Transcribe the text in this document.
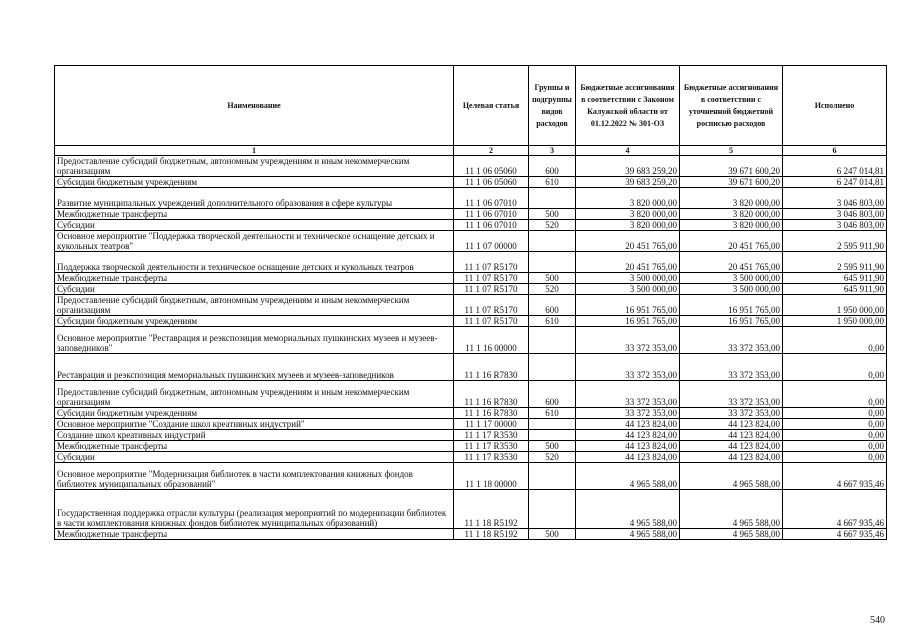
Наименование	Целевая статья	Группы и подгруппы видов расходов	Бюджетные ассигнования в соответствии с Законом Калужской области от 01.12.2022 № 301-ОЗ	Бюджетные ассигнования в соответствии с уточненной бюджетной росписью расходов	Исполнено
1	2	3	4	5	6
Предоставление субсидий бюджетным, автономным учреждениям и иным некоммерческим организациям	11 1 06 05060	600	39 683 259,20	39 671 600,20	6 247 014,81
Субсидии бюджетным учреждениям	11 1 06 05060	610	39 683 259,20	39 671 600,20	6 247 014,81
Развитие муниципальных учреждений дополнительного образования в сфере культуры	11 1 06 07010		3 820 000,00	3 820 000,00	3 046 803,00
Межбюджетные трансферты	11 1 06 07010	500	3 820 000,00	3 820 000,00	3 046 803,00
Субсидии	11 1 06 07010	520	3 820 000,00	3 820 000,00	3 046 803,00
Основное мероприятие "Поддержка творческой деятельности и техническое оснащение детских и кукольных театров"	11 1 07 00000		20 451 765,00	20 451 765,00	2 595 911,90
Поддержка творческой деятельности и техническое оснащение детских и кукольных театров	11 1 07 R5170		20 451 765,00	20 451 765,00	2 595 911,90
Межбюджетные трансферты	11 1 07 R5170	500	3 500 000,00	3 500 000,00	645 911,90
Субсидии	11 1 07 R5170	520	3 500 000,00	3 500 000,00	645 911,90
Предоставление субсидий бюджетным, автономным учреждениям и иным некоммерческим организациям	11 1 07 R5170	600	16 951 765,00	16 951 765,00	1 950 000,00
Субсидии бюджетным учреждениям	11 1 07 R5170	610	16 951 765,00	16 951 765,00	1 950 000,00
Основное мероприятие "Реставрация и реэкспозиция мемориальных пушкинских музеев и музеев-заповедников"	11 1 16 00000		33 372 353,00	33 372 353,00	0,00
Реставрация и реэкспозиция мемориальных пушкинских музеев и музеев-заповедников	11 1 16 R7830		33 372 353,00	33 372 353,00	0,00
Предоставление субсидий бюджетным, автономным учреждениям и иным некоммерческим организациям	11 1 16 R7830	600	33 372 353,00	33 372 353,00	0,00
Субсидии бюджетным учреждениям	11 1 16 R7830	610	33 372 353,00	33 372 353,00	0,00
Основное мероприятие "Создание школ креативных индустрий"	11 1 17 00000		44 123 824,00	44 123 824,00	0,00
Создание школ креативных индустрий	11 1 17 R3530		44 123 824,00	44 123 824,00	0,00
Межбюджетные трансферты	11 1 17 R3530	500	44 123 824,00	44 123 824,00	0,00
Субсидии	11 1 17 R3530	520	44 123 824,00	44 123 824,00	0,00
Основное мероприятие "Модернизация библиотек в части комплектования книжных фондов библиотек муниципальных образований"	11 1 18 00000		4 965 588,00	4 965 588,00	4 667 935,46
Государственная поддержка отрасли культуры (реализация мероприятий по модернизации библиотек в части комплектования книжных фондов библиотек муниципальных образований)	11 1 18 R5192		4 965 588,00	4 965 588,00	4 667 935,46
Межбюджетные трансферты	11 1 18 R5192	500	4 965 588,00	4 965 588,00	4 667 935,46
540
